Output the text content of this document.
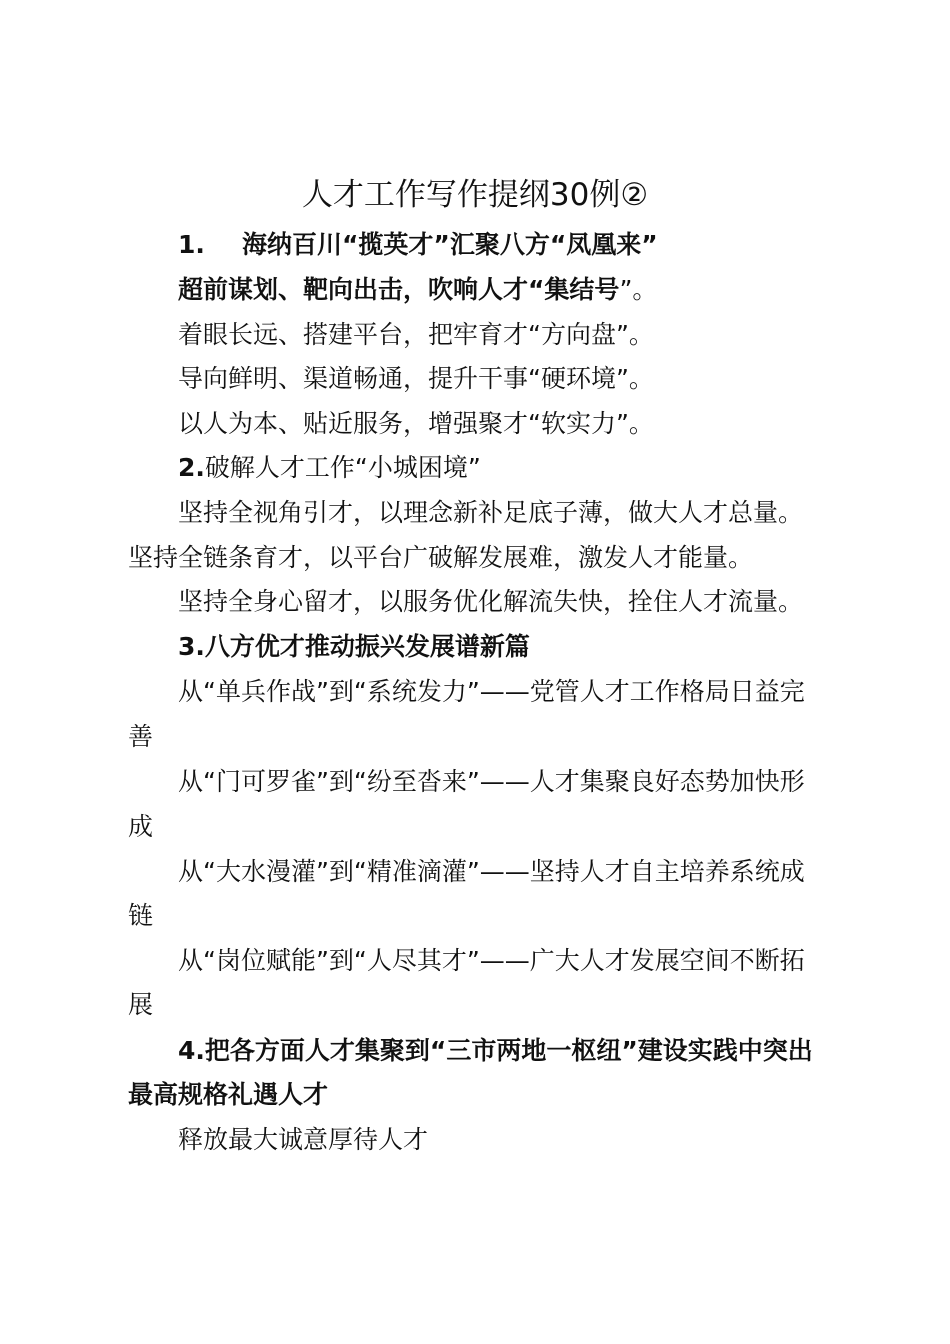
人才工作写作提纲30例②

1. 海纳百川“揽英才”汇聚八方“凤凰来”

超前谋划、靶向出击，吹响人才“集结号”。

着眼长远、搭建平台，把牢育才“方向盘”。

导向鲜明、渠道畅通，提升干事“硬环境”。

以人为本、贴近服务，增强聚才“软实力”。

2.破解人才工作“小城困境”

坚持全视角引才，以理念新补足底子薄，做大人才总量。

坚持全链条育才，以平台广破解发展难，激发人才能量。

坚持全身心留才，以服务优化解流失快，拴住人才流量。

3.八方优才推动振兴发展谱新篇

从“单兵作战”到“系统发力”——党管人才工作格局日益完

善

从“门可罗雀”到“纷至沓来”——人才集聚良好态势加快形

成

从“大水漫灌”到“精准滴灌”——坚持人才自主培养系统成

链

从“岗位赋能”到“人尽其才”——广大人才发展空间不断拓

展

4.把各方面人才集聚到“三市两地一枢纽”建设实践中突出

最高规格礼遇人才

释放最大诚意厚待人才
